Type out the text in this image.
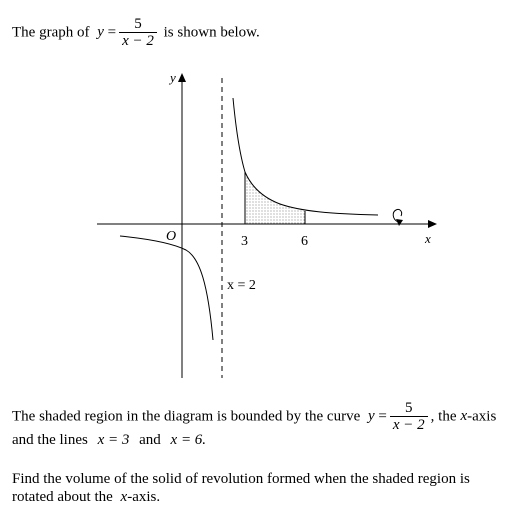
The graph of $y = \frac{5}{x - 2}$ is shown below.
y
x
O	3	6
x = 2
The shaded region in the diagram is bounded by the curve $y = \frac{5}{x - 2}$ , the x-axis
and the lines x = 3 and x = 6.
Find the volume of the solid of revolution formed when the shaded region is
rotated about the x-axis.
